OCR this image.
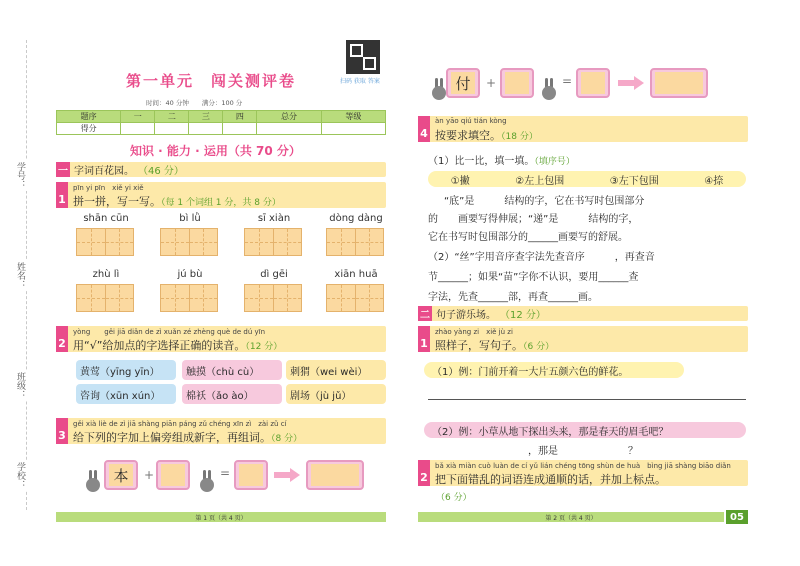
学号：
姓名：
班级：
学校：
第一单元　闯关测评卷	扫码 获取 答案
时间：40 分钟　　满分：100 分
题序	一	二	三	四	总分	等级
得分						
知识 · 能力 · 运用（共 70 分）
一 字词百花园。 （46 分）
1
pīn yi pīn　xiě yi xiě
拼一拼，写一写。（每 1 个词组 1 分，共 8 分）
shān cūn	bì lǜ	sī xiàn	dòng dàng
zhù lì	jú bù	dì gēi	xiān huā
2
yòng　　gěi jiā diǎn de zì xuǎn zé zhèng què de dú yīn
用“√”给加点的字选择正确的读音。（12 分）
黄莺（yīng yīn）	触摸（chù cù）	刺猬（wei wèi）
咨询（xūn xún）	棉袄（ǎo ào）	剧场（jù jǔ）
3
gěi xià liè de zì jiā shàng piān páng zǔ chéng xīn zì　zài zǔ cí
给下列的字加上偏旁组成新字，再组词。（8 分）
本	+	=
第 1 页（共 4 页）
付	+	=
4
àn yāo qiú tián kòng
按要求填空。（18 分）
（1）比一比，填一填。（填序号）
①撇	②左上包围	③左下包围	④捺
“底”是　　　结构的字，它在书写时包围部分
的　　画要写得伸展；“递”是　　　结构的字，
它在书写时包围部分的______画要写的舒展。
（2）“丝”字用音序查字法先查音序　　　，再查音
节______；如果“苗”字你不认识，要用______查
字法，先查______部，再查______画。
二 句子游乐场。 （12 分）
1
zhào yàng zi　xiě jù zi
照样子，写句子。（6 分）
（1）例：门前开着一大片五颜六色的鲜花。
（2）例：小草从地下探出头来，那是春天的眉毛吧？
，那是　　　　　　　？
2
bǎ xià miàn cuò luàn de cí yǔ lián chéng tōng shùn de huà　bìng jiā shàng biāo diǎn
把下面错乱的词语连成通顺的话，并加上标点。
（6 分）
第 2 页（共 4 页）	05
